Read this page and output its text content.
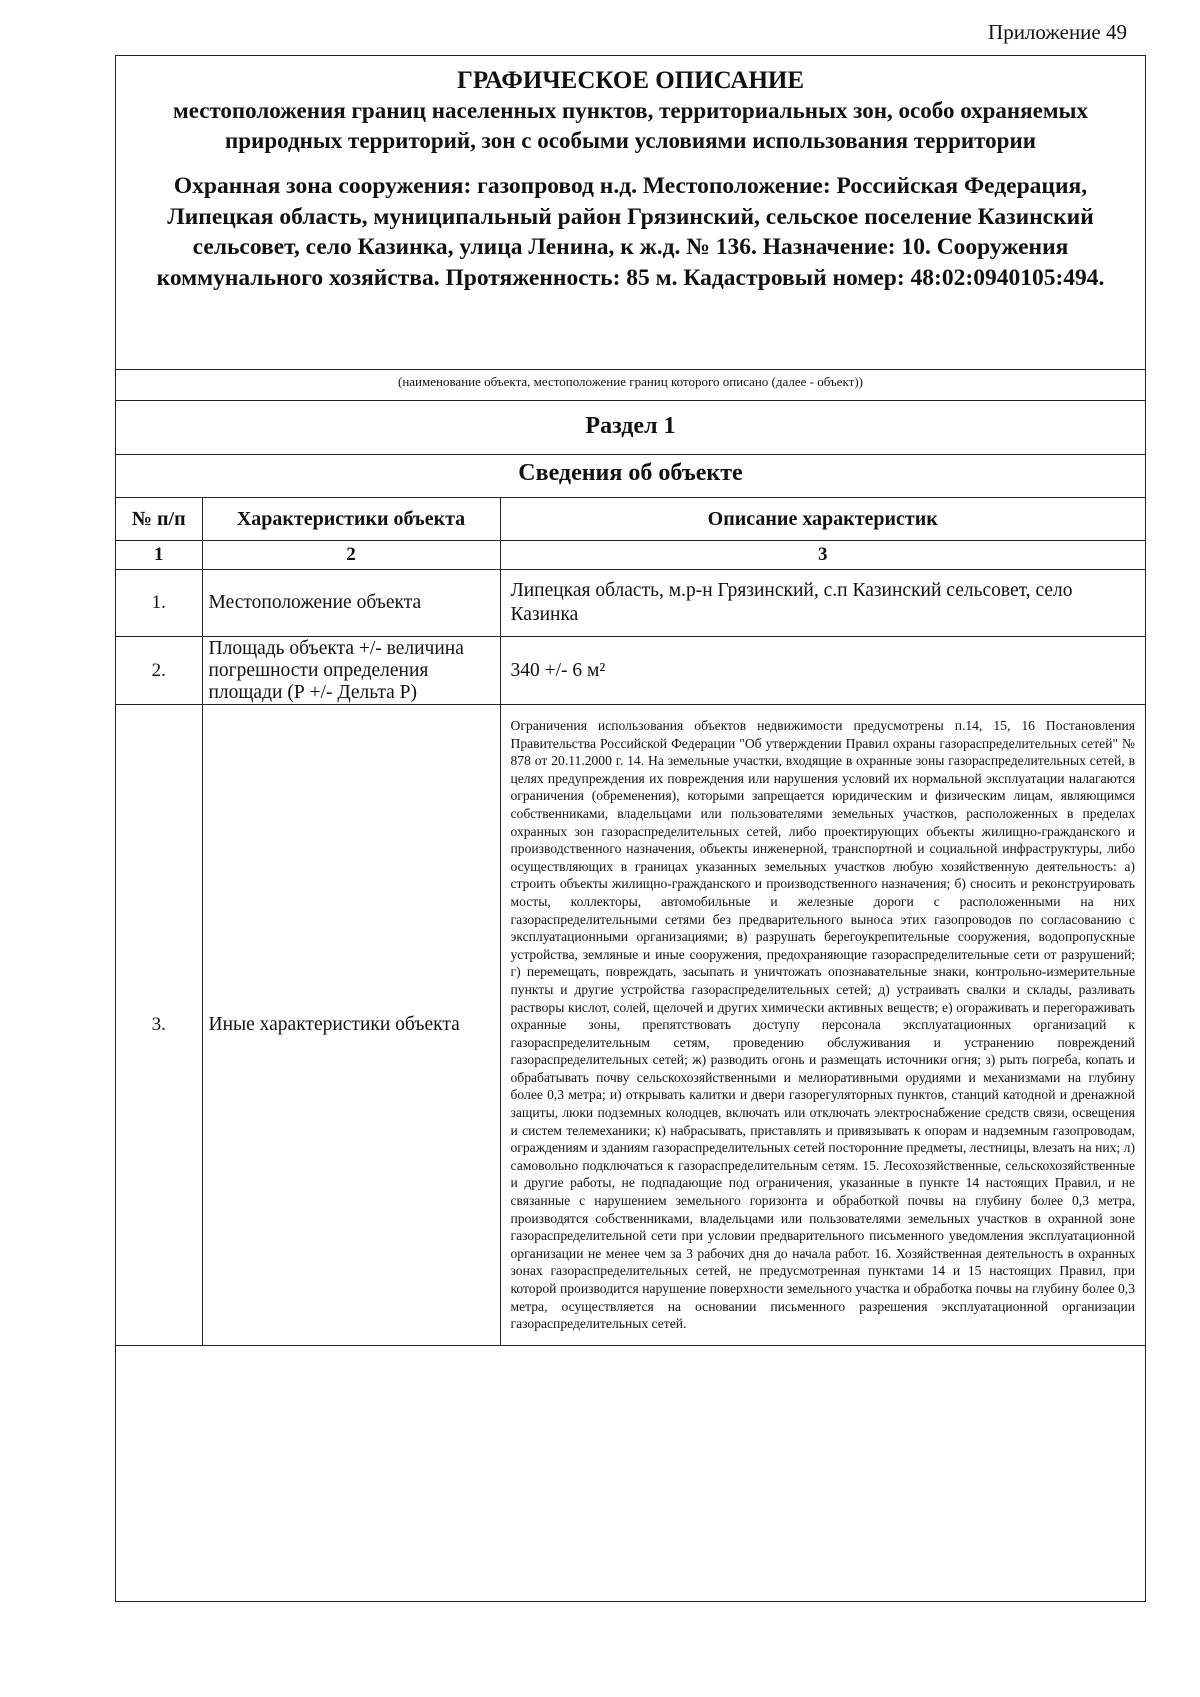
Приложение 49
ГРАФИЧЕСКОЕ ОПИСАНИЕ
местоположения границ населенных пунктов, территориальных зон, особо охраняемых природных территорий, зон с особыми условиями использования территории
Охранная зона сооружения: газопровод н.д. Местоположение: Российская Федерация, Липецкая область, муниципальный район Грязинский, сельское поселение Казинский сельсовет, село Казинка, улица Ленина, к ж.д. № 136. Назначение: 10. Сооружения коммунального хозяйства. Протяженность: 85 м. Кадастровый номер: 48:02:0940105:494.
(наименование объекта, местоположение границ которого описано (далее - объект))
Раздел 1
Сведения об объекте
№ п/п	Характеристики объекта	Описание характеристик
1	2	3
1.	Местоположение объекта	Липецкая область, м.р-н Грязинский, с.п Казинский сельсовет, село Казинка
2.	Площадь объекта +/- величина погрешности определения площади (Р +/- Дельта Р)	340 +/- 6 м²
3.	Иные характеристики объекта	Ограничения использования объектов недвижимости предусмотрены п.14, 15, 16 Постановления Правительства Российской Федерации "Об утверждении Правил охраны газораспределительных сетей" № 878 от 20.11.2000 г. 14. На земельные участки, входящие в охранные зоны газораспределительных сетей, в целях предупреждения их повреждения или нарушения условий их нормальной эксплуатации налагаются ограничения (обременения), которыми запрещается юридическим и физическим лицам, являющимся собственниками, владельцами или пользователями земельных участков, расположенных в пределах охранных зон газораспределительных сетей, либо проектирующих объекты жилищно-гражданского и производственного назначения, объекты инженерной, транспортной и социальной инфраструктуры, либо осуществляющих в границах указанных земельных участков любую хозяйственную деятельность: а) строить объекты жилищно-гражданского и производственного назначения; б) сносить и реконструировать мосты, коллекторы, автомобильные и железные дороги с расположенными на них газораспределительными сетями без предварительного выноса этих газопроводов по согласованию с эксплуатационными организациями; в) разрушать берегоукрепительные сооружения, водопропускные устройства, земляные и иные сооружения, предохраняющие газораспределительные сети от разрушений; г) перемещать, повреждать, засыпать и уничтожать опознавательные знаки, контрольно-измерительные пункты и другие устройства газораспределительных сетей; д) устраивать свалки и склады, разливать растворы кислот, солей, щелочей и других химически активных веществ; е) огораживать и перегораживать охранные зоны, препятствовать доступу персонала эксплуатационных организаций к газораспределительным сетям, проведению обслуживания и устранению повреждений газораспределительных сетей; ж) разводить огонь и размещать источники огня; з) рыть погреба, копать и обрабатывать почву сельскохозяйственными и мелиоративными орудиями и механизмами на глубину более 0,3 метра; и) открывать калитки и двери газорегуляторных пунктов, станций катодной и дренажной защиты, люки подземных колодцев, включать или отключать электроснабжение средств связи, освещения и систем телемеханики; к) набрасывать, приставлять и привязывать к опорам и надземным газопроводам, ограждениям и зданиям газораспределительных сетей посторонние предметы, лестницы, влезать на них; л) самовольно подключаться к газораспределительным сетям. 15. Лесохозяйственные, сельскохозяйственные и другие работы, не подпадающие под ограничения, указанные в пункте 14 настоящих Правил, и не связанные с нарушением земельного горизонта и обработкой почвы на глубину более 0,3 метра, производятся собственниками, владельцами или пользователями земельных участков в охранной зоне газораспределительной сети при условии предварительного письменного уведомления эксплуатационной организации не менее чем за 3 рабочих дня до начала работ. 16. Хозяйственная деятельность в охранных зонах газораспределительных сетей, не предусмотренная пунктами 14 и 15 настоящих Правил, при которой производится нарушение поверхности земельного участка и обработка почвы на глубину более 0,3 метра, осуществляется на основании письменного разрешения эксплуатационной организации газораспределительных сетей.
